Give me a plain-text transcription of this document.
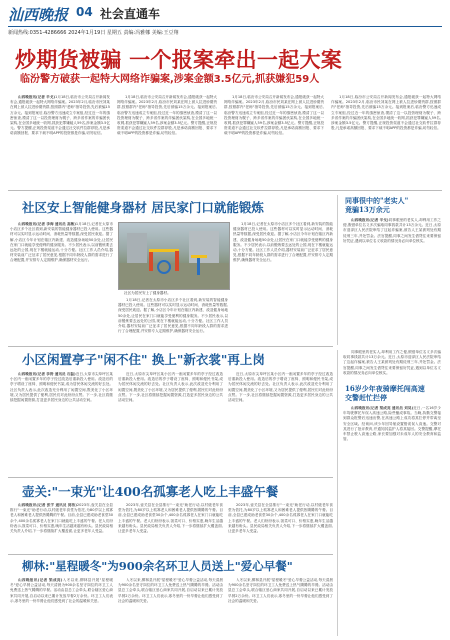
汕西晚报 04 社会直通车
新闻热线:0351-4286666 2024年1月19日 星期五 责编:冯雅娜 美编:王豆翔
炒期货被骗 一个报案牵出一起大案
临汾警方破获一起特大网络诈骗案,涉案金额3.5亿元,抓获嫌犯59人

山西晚报讯(记者 辛戈)1月18日,临汾市公安局召开新闻发布会,通报破获一起特大网络诈骗案。2023年2月,临汾市民刘某在网上被人拉进炒期货群,按照群内"老师"指导投资,先后被骗15万余元。接到报案后,临汾警方迅速成立专案组,经过近一年的缜密侦查,摸清了这一以投资理财为幌子、跨多省作案的诈骗团伙架构,在全国多地统一收网,抓获犯罪嫌疑人59名,涉案金额3.5亿元。警方提醒,正规投资渠道不会通过社交软件拉群荐股,凡是承诺高额回报、要求下载不明APP的投资都是诈骗,切勿轻信。

1月18日,临汾市公安局召开新闻发布会,通报破获一起特大网络诈骗案。2023年2月,临汾市民刘某在网上被人拉进炒期货群,按照群内"老师"指导投资,先后被骗15万余元。接到报案后,临汾警方迅速成立专案组,经过近一年的缜密侦查,摸清了这一以投资理财为幌子、跨多省作案的诈骗团伙架构,在全国多地统一收网,抓获犯罪嫌疑人59名,涉案金额3.5亿元。警方提醒,正规投资渠道不会通过社交软件拉群荐股,凡是承诺高额回报、要求下载不明APP的投资都是诈骗,切勿轻信。

1月18日,临汾市公安局召开新闻发布会,通报破获一起特大网络诈骗案。2023年2月,临汾市民刘某在网上被人拉进炒期货群,按照群内"老师"指导投资,先后被骗15万余元。接到报案后,临汾警方迅速成立专案组,经过近一年的缜密侦查,摸清了这一以投资理财为幌子、跨多省作案的诈骗团伙架构,在全国多地统一收网,抓获犯罪嫌疑人59名,涉案金额3.5亿元。警方提醒,正规投资渠道不会通过社交软件拉群荐股,凡是承诺高额回报、要求下载不明APP的投资都是诈骗,切勿轻信。

1月18日,临汾市公安局召开新闻发布会,通报破获一起特大网络诈骗案。2023年2月,临汾市民刘某在网上被人拉进炒期货群,按照群内"老师"指导投资,先后被骗15万余元。接到报案后,临汾警方迅速成立专案组,经过近一年的缜密侦查,摸清了这一以投资理财为幌子、跨多省作案的诈骗团伙架构,在全国多地统一收网,抓获犯罪嫌疑人59名,涉案金额3.5亿元。警方提醒,正规投资渠道不会通过社交软件拉群荐股,凡是承诺高额回报、要求下载不明APP的投资都是诈骗,切勿轻信。

社区安上智能健身器材 居民家门口就能锻炼

山西晚报讯(记者 李海 通讯员 高敏)1月18日,记者在太原市小店区多个社区看到,新安装的智能健身器材已投入使用。这些器材可以实时显示运动时间、消耗热量等数据,深受居民欢迎。据了解,小店区今年计划在辖区内新建、改造健身场地50余处,让居民在家门口就能享受便利的健身服务。不少居民表示,以前锻炼要去远处的公园,现在下楼就能运动,十分方便。社区工作人员介绍,器材安装前广泛征求了居民意见,根据不同年龄段人群的需求进行了合理配置,并安排专人定期维护,确保器材安全运行。

社区为居民安上了健身器材。

1月18日,记者在太原市小店区多个社区看到,新安装的智能健身器材已投入使用。这些器材可以实时显示运动时间、消耗热量等数据,深受居民欢迎。据了解,小店区今年计划在辖区内新建、改造健身场地50余处,让居民在家门口就能享受便利的健身服务。不少居民表示,以前锻炼要去远处的公园,现在下楼就能运动,十分方便。社区工作人员介绍,器材安装前广泛征求了居民意见,根据不同年龄段人群的需求进行了合理配置,并安排专人定期维护,确保器材安全运行。

1月18日,记者在太原市小店区多个社区看到,新安装的智能健身器材已投入使用。这些器材可以实时显示运动时间、消耗热量等数据,深受居民欢迎。据了解,小店区今年计划在辖区内新建、改造健身场地50余处,让居民在家门口就能享受便利的健身服务。不少居民表示,以前锻炼要去远处的公园,现在下楼就能运动,十分方便。社区工作人员介绍,器材安装前广泛征求了居民意见,根据不同年龄段人群的需求进行了合理配置,并安排专人定期维护,确保器材安全运行。

同事很中的"老实人"
竟骗13万余元

山西晚报讯(记者 辛戈)同事眼里的老实人,却利用工作之便,假借单位名义多次骗取同事钱款共计13万余元。近日,太原市迎泽区人民法院审结了这起诈骗案,被告人王某被判处有期徒刑三年,并处罚金。法官提醒,同事之间发生借贷往来要保留好凭证,遇到以单位名义收款的情况务必向单位核实。

小区闲置亭子"闲不住" 换上"新衣裳"再上岗

山西晚报讯(记者 李涛 通讯员 石磊)近日,太原市尖草坪区某小区内一座闲置多年的亭子经过改造后重新投入使用。改造后的亭子增设了座椅、照明和便民书架,成为居民休闲交流的好去处。社区负责人表示,此次改造充分利用了闲置空间,既美化了小区环境,又为居民提供了便利,居民们对此纷纷点赞。下一步,社区将继续挖掘闲置资源,打造更多居民身边的公共活动空间。

近日,太原市尖草坪区某小区内一座闲置多年的亭子经过改造后重新投入使用。改造后的亭子增设了座椅、照明和便民书架,成为居民休闲交流的好去处。社区负责人表示,此次改造充分利用了闲置空间,既美化了小区环境,又为居民提供了便利,居民们对此纷纷点赞。下一步,社区将继续挖掘闲置资源,打造更多居民身边的公共活动空间。

近日,太原市尖草坪区某小区内一座闲置多年的亭子经过改造后重新投入使用。改造后的亭子增设了座椅、照明和便民书架,成为居民休闲交流的好去处。社区负责人表示,此次改造充分利用了闲置空间,既美化了小区环境,又为居民提供了便利,居民们对此纷纷点赞。下一步,社区将继续挖掘闲置资源,打造更多居民身边的公共活动空间。

壶关:"一束光"让400名孤寡老人吃上丰盛午餐

山西晚报讯(记者 张宇 通讯员 郭伟)2023年,壶关县在全县推行"一束光"助老行动,以村级老年食堂为依托,为80岁以上孤寡老人和困难老人提供热腾腾的午餐。目前,全县已建成助老食堂30余个,400余名孤寡老人在家门口就能吃上丰盛的午餐。老人们纷纷表示,饭菜可口、价格实惠,晚年生活越来越有盼头。县民政局相关负责人介绍,下一步将继续扩大覆盖面,让更多老年人受益。

2023年,壶关县在全县推行"一束光"助老行动,以村级老年食堂为依托,为80岁以上孤寡老人和困难老人提供热腾腾的午餐。目前,全县已建成助老食堂30余个,400余名孤寡老人在家门口就能吃上丰盛的午餐。老人们纷纷表示,饭菜可口、价格实惠,晚年生活越来越有盼头。县民政局相关负责人介绍,下一步将继续扩大覆盖面,让更多老年人受益。

2023年,壶关县在全县推行"一束光"助老行动,以村级老年食堂为依托,为80岁以上孤寡老人和困难老人提供热腾腾的午餐。目前,全县已建成助老食堂30余个,400余名孤寡老人在家门口就能吃上丰盛的午餐。老人们纷纷表示,饭菜可口、价格实惠,晚年生活越来越有盼头。县民政局相关负责人介绍,下一步将继续扩大覆盖面,让更多老年人受益。

柳林:"星程暖冬"为900余名环卫人员送上"爱心早餐"

山西晚报讯(记者 梁成亮)入冬以来,柳林县开展"星程暖冬"爱心早餐公益活动,每天清晨为900余名坚守岗位的环卫工人免费送上热气腾腾的早餐。活动由县总工会牵头,联合辖区爱心商家共同开展,自启动以来已累计发放早餐2万余份。环卫工人们表示,寒冬里的一份早餐让他们感受到了社会的温暖和关爱。

入冬以来,柳林县开展"星程暖冬"爱心早餐公益活动,每天清晨为900余名坚守岗位的环卫工人免费送上热气腾腾的早餐。活动由县总工会牵头,联合辖区爱心商家共同开展,自启动以来已累计发放早餐2万余份。环卫工人们表示,寒冬里的一份早餐让他们感受到了社会的温暖和关爱。

入冬以来,柳林县开展"星程暖冬"爱心早餐公益活动,每天清晨为900余名坚守岗位的环卫工人免费送上热气腾腾的早餐。活动由县总工会牵头,联合辖区爱心商家共同开展,自启动以来已累计发放早餐2万余份。环卫工人们表示,寒冬里的一份早餐让他们感受到了社会的温暖和关爱。

16岁少年夜骑摩托闯高速
交警赶忙拦停

山西晚报讯(记者 梁成亮 通讯员 刘昊)近日,一名16岁少年驾驶摩托车误入高速公路,险些酿成事故。当晚,执勤交警接到群众报警后迅速出警,在高速公路上成功将其拦停并带离至安全区域。经询问,该少年因导航设置错误误入高速。交警对其进行了批评教育,并通知其监护人将其接回。交警提醒,摩托车禁止驶入高速公路,家长要加强对未成年人的安全教育和监管。

同事眼里的老实人,却利用工作之便,假借单位名义多次骗取同事钱款共计13万余元。近日,太原市迎泽区人民法院审结了这起诈骗案,被告人王某被判处有期徒刑三年,并处罚金。法官提醒,同事之间发生借贷往来要保留好凭证,遇到以单位名义收款的情况务必向单位核实。
